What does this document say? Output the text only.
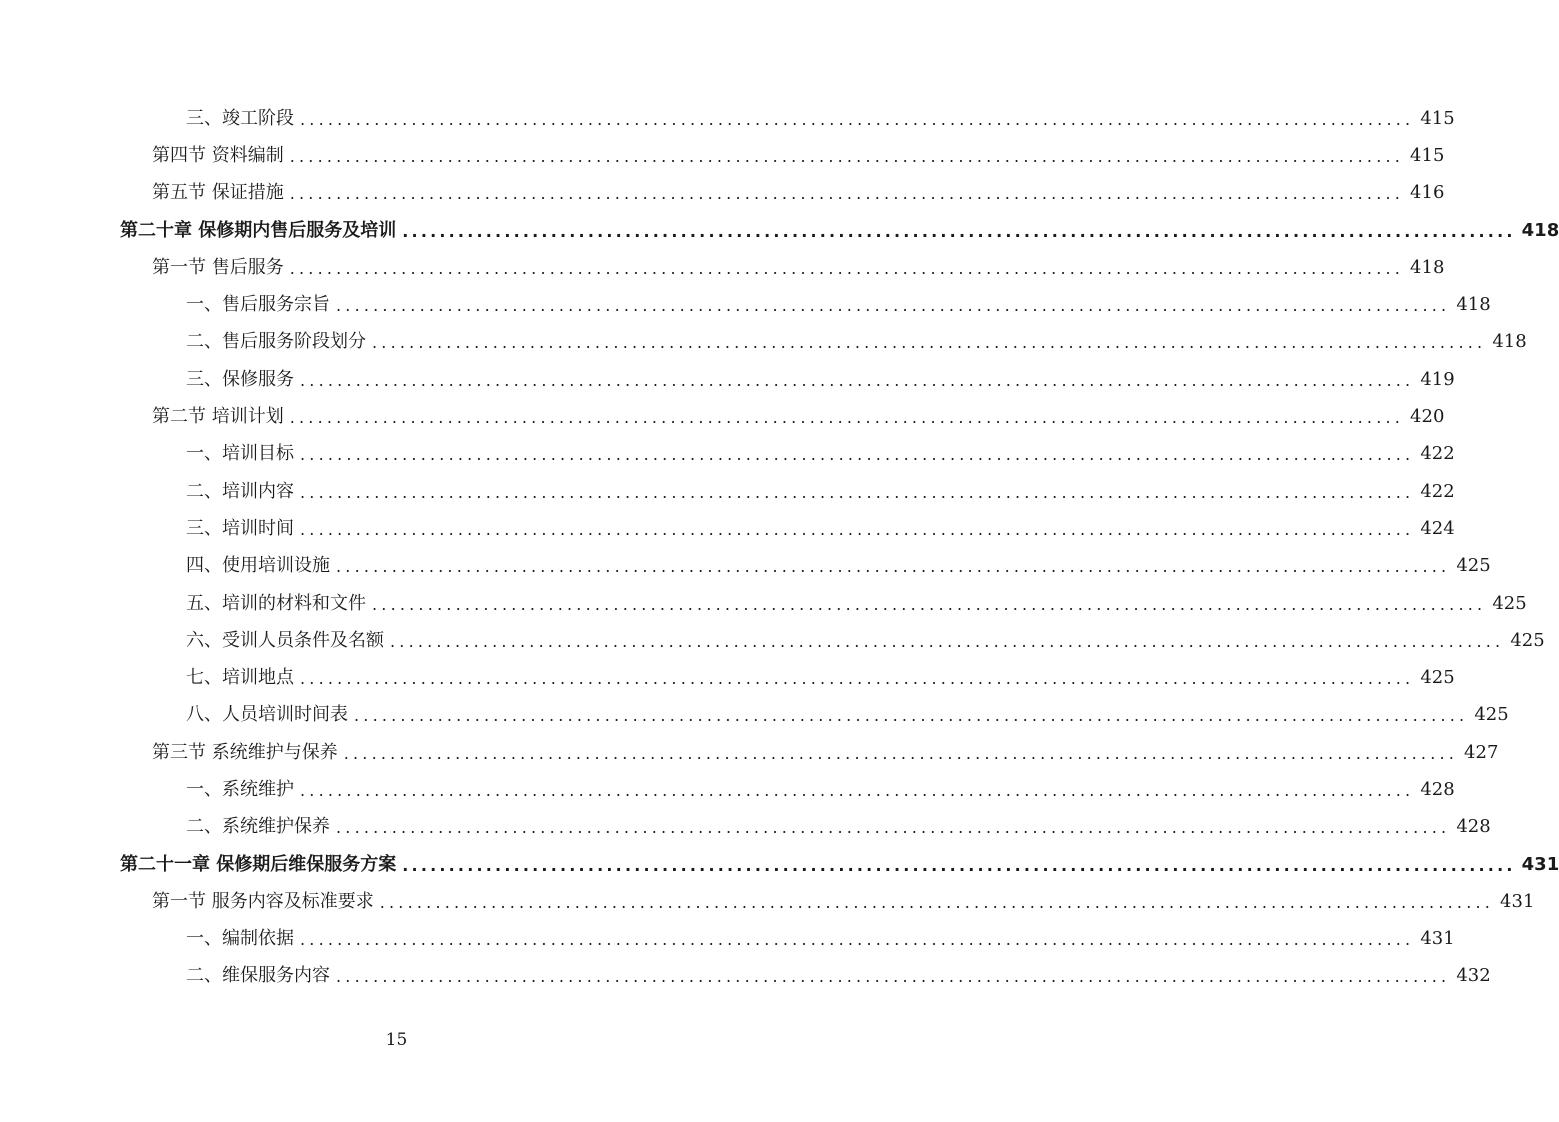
三、竣工阶段 ........................................................................................................................ 415
第四节 资料编制 ........................................................................................................................ 415
第五节 保证措施 ........................................................................................................................ 416
第二十章 保修期内售后服务及培训 ........................................................................................................................ 418
第一节 售后服务 ........................................................................................................................ 418
一、售后服务宗旨 ........................................................................................................................ 418
二、售后服务阶段划分 ........................................................................................................................ 418
三、保修服务 ........................................................................................................................ 419
第二节 培训计划 ........................................................................................................................ 420
一、培训目标 ........................................................................................................................ 422
二、培训内容 ........................................................................................................................ 422
三、培训时间 ........................................................................................................................ 424
四、使用培训设施 ........................................................................................................................ 425
五、培训的材料和文件 ........................................................................................................................ 425
六、受训人员条件及名额 ........................................................................................................................ 425
七、培训地点 ........................................................................................................................ 425
八、人员培训时间表 ........................................................................................................................ 425
第三节 系统维护与保养 ........................................................................................................................ 427
一、系统维护 ........................................................................................................................ 428
二、系统维护保养 ........................................................................................................................ 428
第二十一章 保修期后维保服务方案 ........................................................................................................................ 431
第一节 服务内容及标准要求 ........................................................................................................................ 431
一、编制依据 ........................................................................................................................ 431
二、维保服务内容 ........................................................................................................................ 432
15
